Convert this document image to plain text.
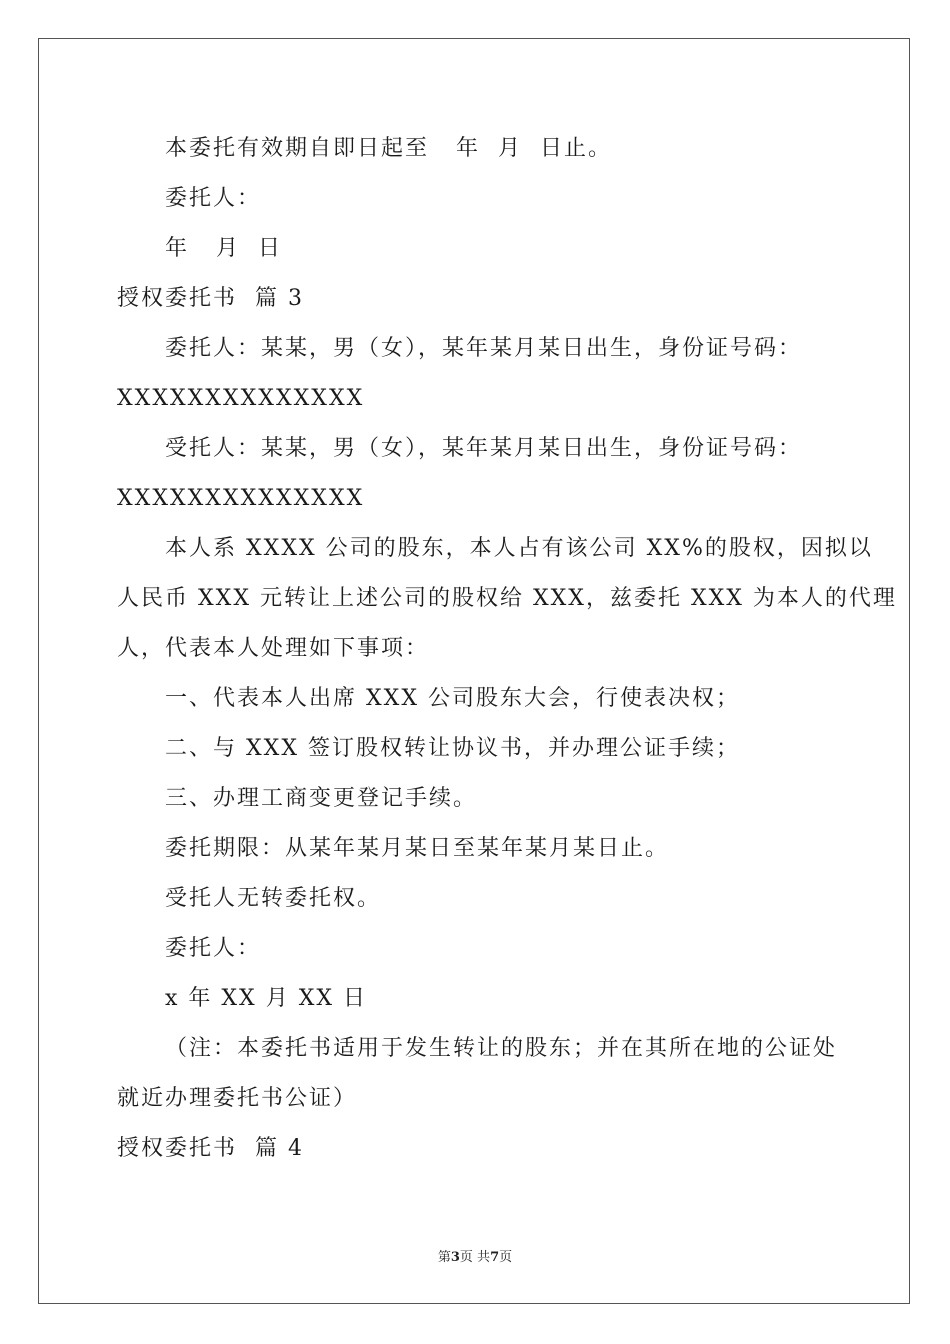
本委托有效期自即日起至   年  月  日止。
委托人：
年   月  日
授权委托书  篇 3
委托人：某某，男（女），某年某月某日出生，身份证号码：
XXXXXXXXXXXXXX
受托人：某某，男（女），某年某月某日出生，身份证号码：
XXXXXXXXXXXXXX
本人系 XXXX 公司的股东，本人占有该公司 XX%的股权，因拟以
人民币 XXX 元转让上述公司的股权给 XXX，兹委托 XXX 为本人的代理
人，代表本人处理如下事项：
一、代表本人出席 XXX 公司股东大会，行使表决权；
二、与 XXX 签订股权转让协议书，并办理公证手续；
三、办理工商变更登记手续。
委托期限：从某年某月某日至某年某月某日止。
受托人无转委托权。
委托人：
x 年 XX 月 XX 日
（注：本委托书适用于发生转让的股东；并在其所在地的公证处
就近办理委托书公证）
授权委托书  篇 4
第3页 共7页
